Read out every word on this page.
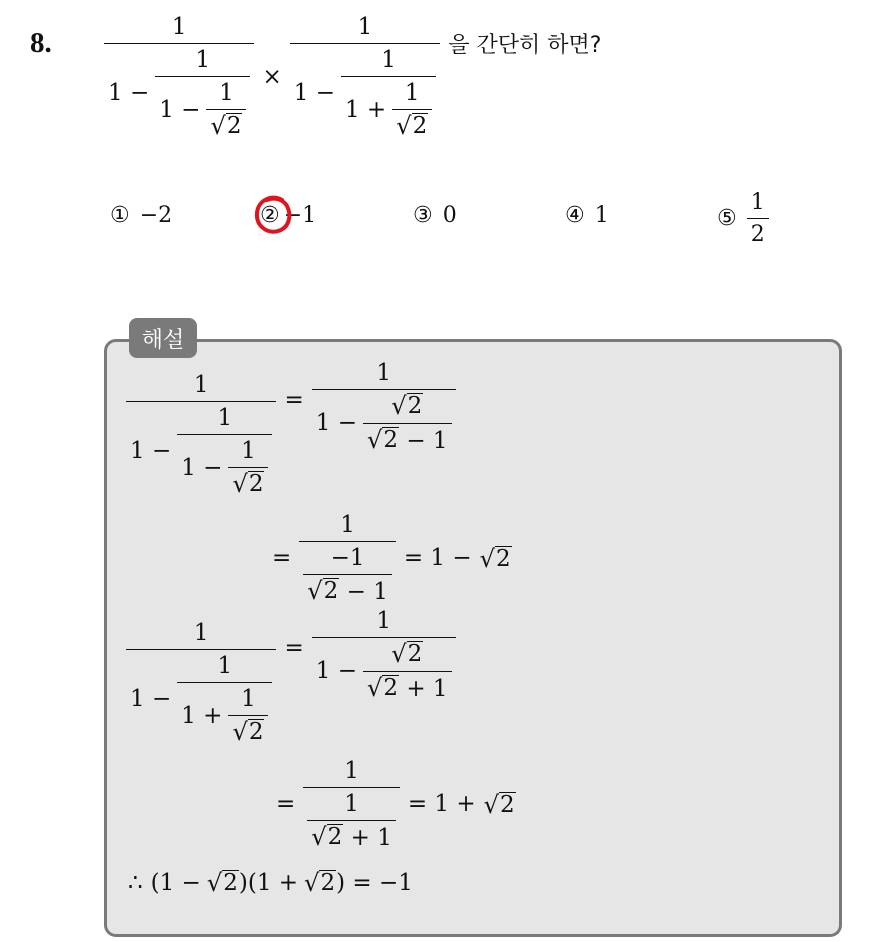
8.	1
$1 - \frac{1}{1 - \frac{1}{√ 2}}$ ×
1
$1 - \frac{1}{1 + \frac{1}{√ 2}}$
을 간단히 하면?
① −2	② −1	③ 0	④ 1	⑤ $\frac{1}{2}$
해설
1
$1 - \frac{1}{1 - \frac{1}{√ 2}}$
= $\frac{1}{1 - \frac{√ 2}{√ 2 - 1}}$
= $\frac{1}{\frac{-1}{√ 2 - 1}} = 1$ − √ 2
1
$1 - \frac{1}{1 + \frac{1}{√ 2}}$
= $\frac{1}{1 - \frac{√ 2}{√ 2 + 1}}$
= $\frac{1}{\frac{1}{√ 2 + 1}} = 1$ + √ 2
∴ (1 − √ 2 )(1 + √ 2 ) = −1
